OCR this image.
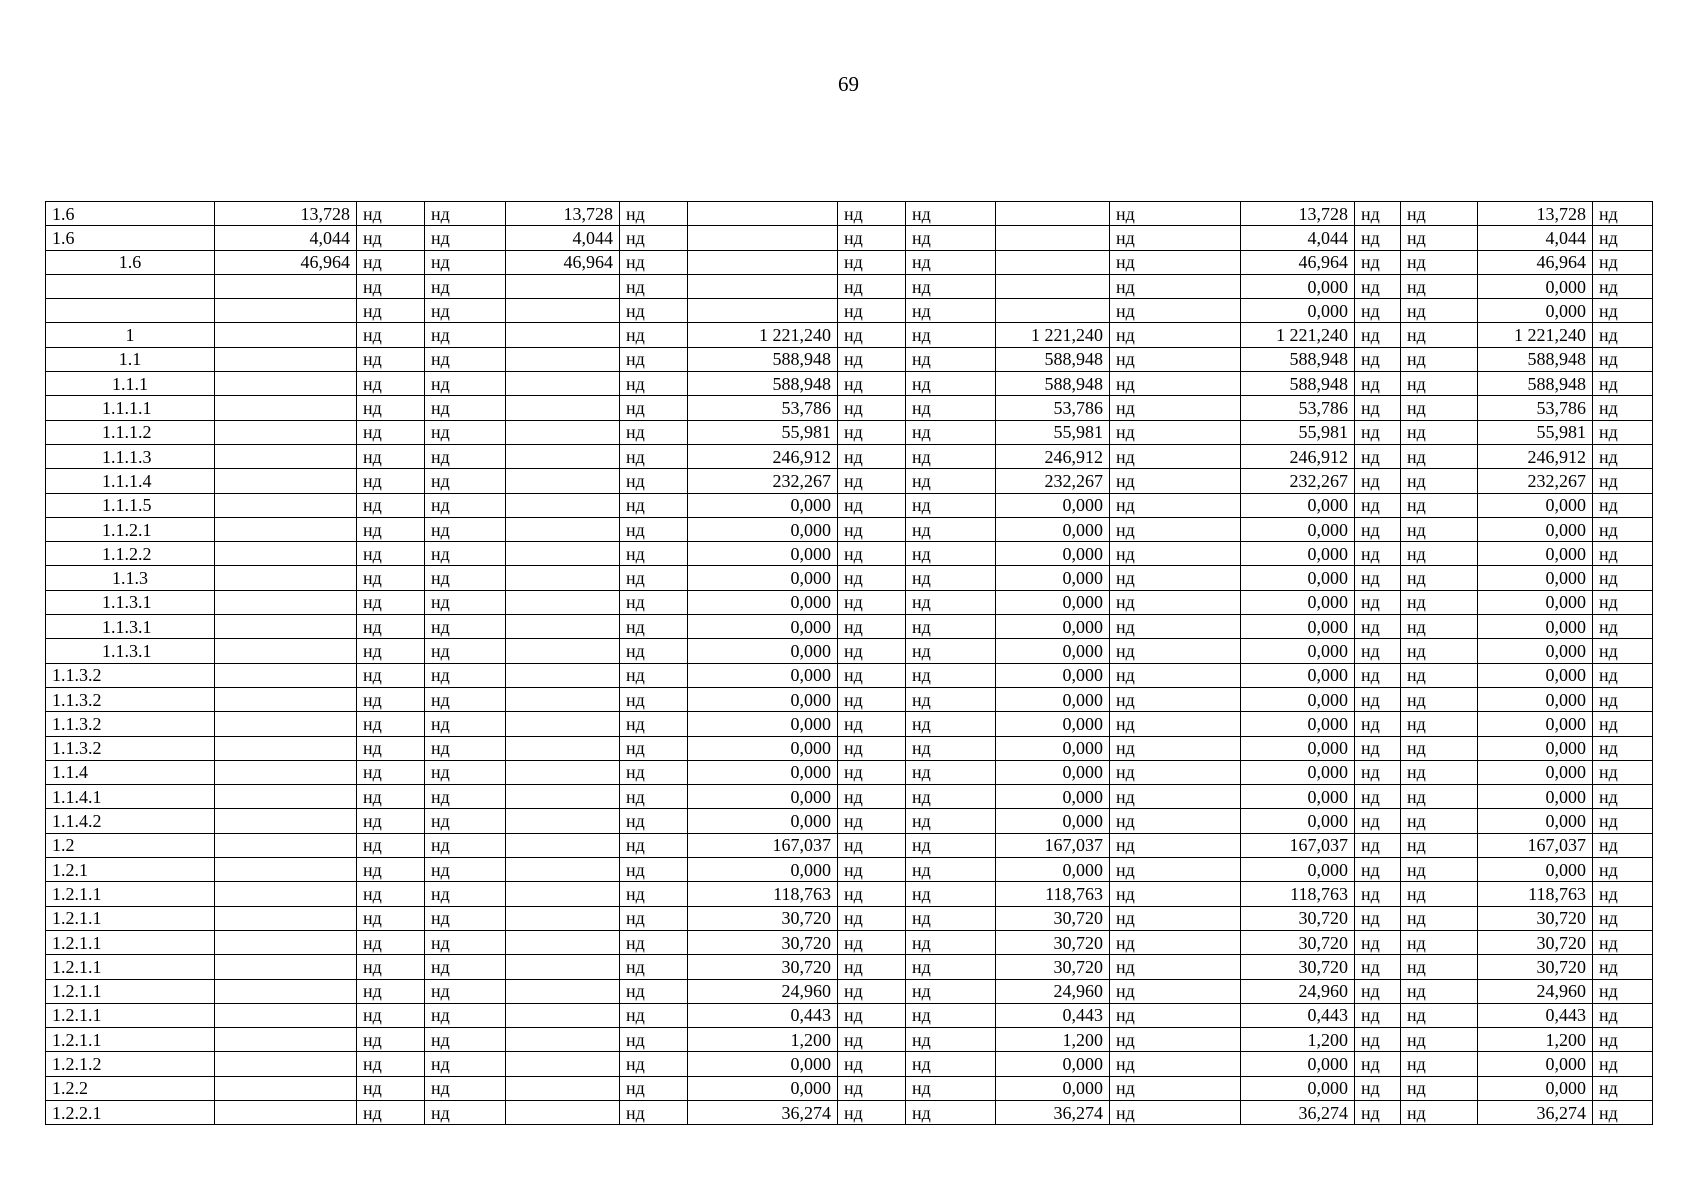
69
1.6	13,728	нд	нд	13,728	нд		нд	нд		нд	13,728	нд	нд	13,728	нд
1.6	4,044	нд	нд	4,044	нд		нд	нд		нд	4,044	нд	нд	4,044	нд
1.6	46,964	нд	нд	46,964	нд		нд	нд		нд	46,964	нд	нд	46,964	нд
		нд	нд		нд		нд	нд		нд	0,000	нд	нд	0,000	нд
		нд	нд		нд		нд	нд		нд	0,000	нд	нд	0,000	нд
1		нд	нд		нд	1 221,240	нд	нд	1 221,240	нд	1 221,240	нд	нд	1 221,240	нд
1.1		нд	нд		нд	588,948	нд	нд	588,948	нд	588,948	нд	нд	588,948	нд
1.1.1		нд	нд		нд	588,948	нд	нд	588,948	нд	588,948	нд	нд	588,948	нд
1.1.1.1		нд	нд		нд	53,786	нд	нд	53,786	нд	53,786	нд	нд	53,786	нд
1.1.1.2		нд	нд		нд	55,981	нд	нд	55,981	нд	55,981	нд	нд	55,981	нд
1.1.1.3		нд	нд		нд	246,912	нд	нд	246,912	нд	246,912	нд	нд	246,912	нд
1.1.1.4		нд	нд		нд	232,267	нд	нд	232,267	нд	232,267	нд	нд	232,267	нд
1.1.1.5		нд	нд		нд	0,000	нд	нд	0,000	нд	0,000	нд	нд	0,000	нд
1.1.2.1		нд	нд		нд	0,000	нд	нд	0,000	нд	0,000	нд	нд	0,000	нд
1.1.2.2		нд	нд		нд	0,000	нд	нд	0,000	нд	0,000	нд	нд	0,000	нд
1.1.3		нд	нд		нд	0,000	нд	нд	0,000	нд	0,000	нд	нд	0,000	нд
1.1.3.1		нд	нд		нд	0,000	нд	нд	0,000	нд	0,000	нд	нд	0,000	нд
1.1.3.1		нд	нд		нд	0,000	нд	нд	0,000	нд	0,000	нд	нд	0,000	нд
1.1.3.1		нд	нд		нд	0,000	нд	нд	0,000	нд	0,000	нд	нд	0,000	нд
1.1.3.2		нд	нд		нд	0,000	нд	нд	0,000	нд	0,000	нд	нд	0,000	нд
1.1.3.2		нд	нд		нд	0,000	нд	нд	0,000	нд	0,000	нд	нд	0,000	нд
1.1.3.2		нд	нд		нд	0,000	нд	нд	0,000	нд	0,000	нд	нд	0,000	нд
1.1.3.2		нд	нд		нд	0,000	нд	нд	0,000	нд	0,000	нд	нд	0,000	нд
1.1.4		нд	нд		нд	0,000	нд	нд	0,000	нд	0,000	нд	нд	0,000	нд
1.1.4.1		нд	нд		нд	0,000	нд	нд	0,000	нд	0,000	нд	нд	0,000	нд
1.1.4.2		нд	нд		нд	0,000	нд	нд	0,000	нд	0,000	нд	нд	0,000	нд
1.2		нд	нд		нд	167,037	нд	нд	167,037	нд	167,037	нд	нд	167,037	нд
1.2.1		нд	нд		нд	0,000	нд	нд	0,000	нд	0,000	нд	нд	0,000	нд
1.2.1.1		нд	нд		нд	118,763	нд	нд	118,763	нд	118,763	нд	нд	118,763	нд
1.2.1.1		нд	нд		нд	30,720	нд	нд	30,720	нд	30,720	нд	нд	30,720	нд
1.2.1.1		нд	нд		нд	30,720	нд	нд	30,720	нд	30,720	нд	нд	30,720	нд
1.2.1.1		нд	нд		нд	30,720	нд	нд	30,720	нд	30,720	нд	нд	30,720	нд
1.2.1.1		нд	нд		нд	24,960	нд	нд	24,960	нд	24,960	нд	нд	24,960	нд
1.2.1.1		нд	нд		нд	0,443	нд	нд	0,443	нд	0,443	нд	нд	0,443	нд
1.2.1.1		нд	нд		нд	1,200	нд	нд	1,200	нд	1,200	нд	нд	1,200	нд
1.2.1.2		нд	нд		нд	0,000	нд	нд	0,000	нд	0,000	нд	нд	0,000	нд
1.2.2		нд	нд		нд	0,000	нд	нд	0,000	нд	0,000	нд	нд	0,000	нд
1.2.2.1		нд	нд		нд	36,274	нд	нд	36,274	нд	36,274	нд	нд	36,274	нд
